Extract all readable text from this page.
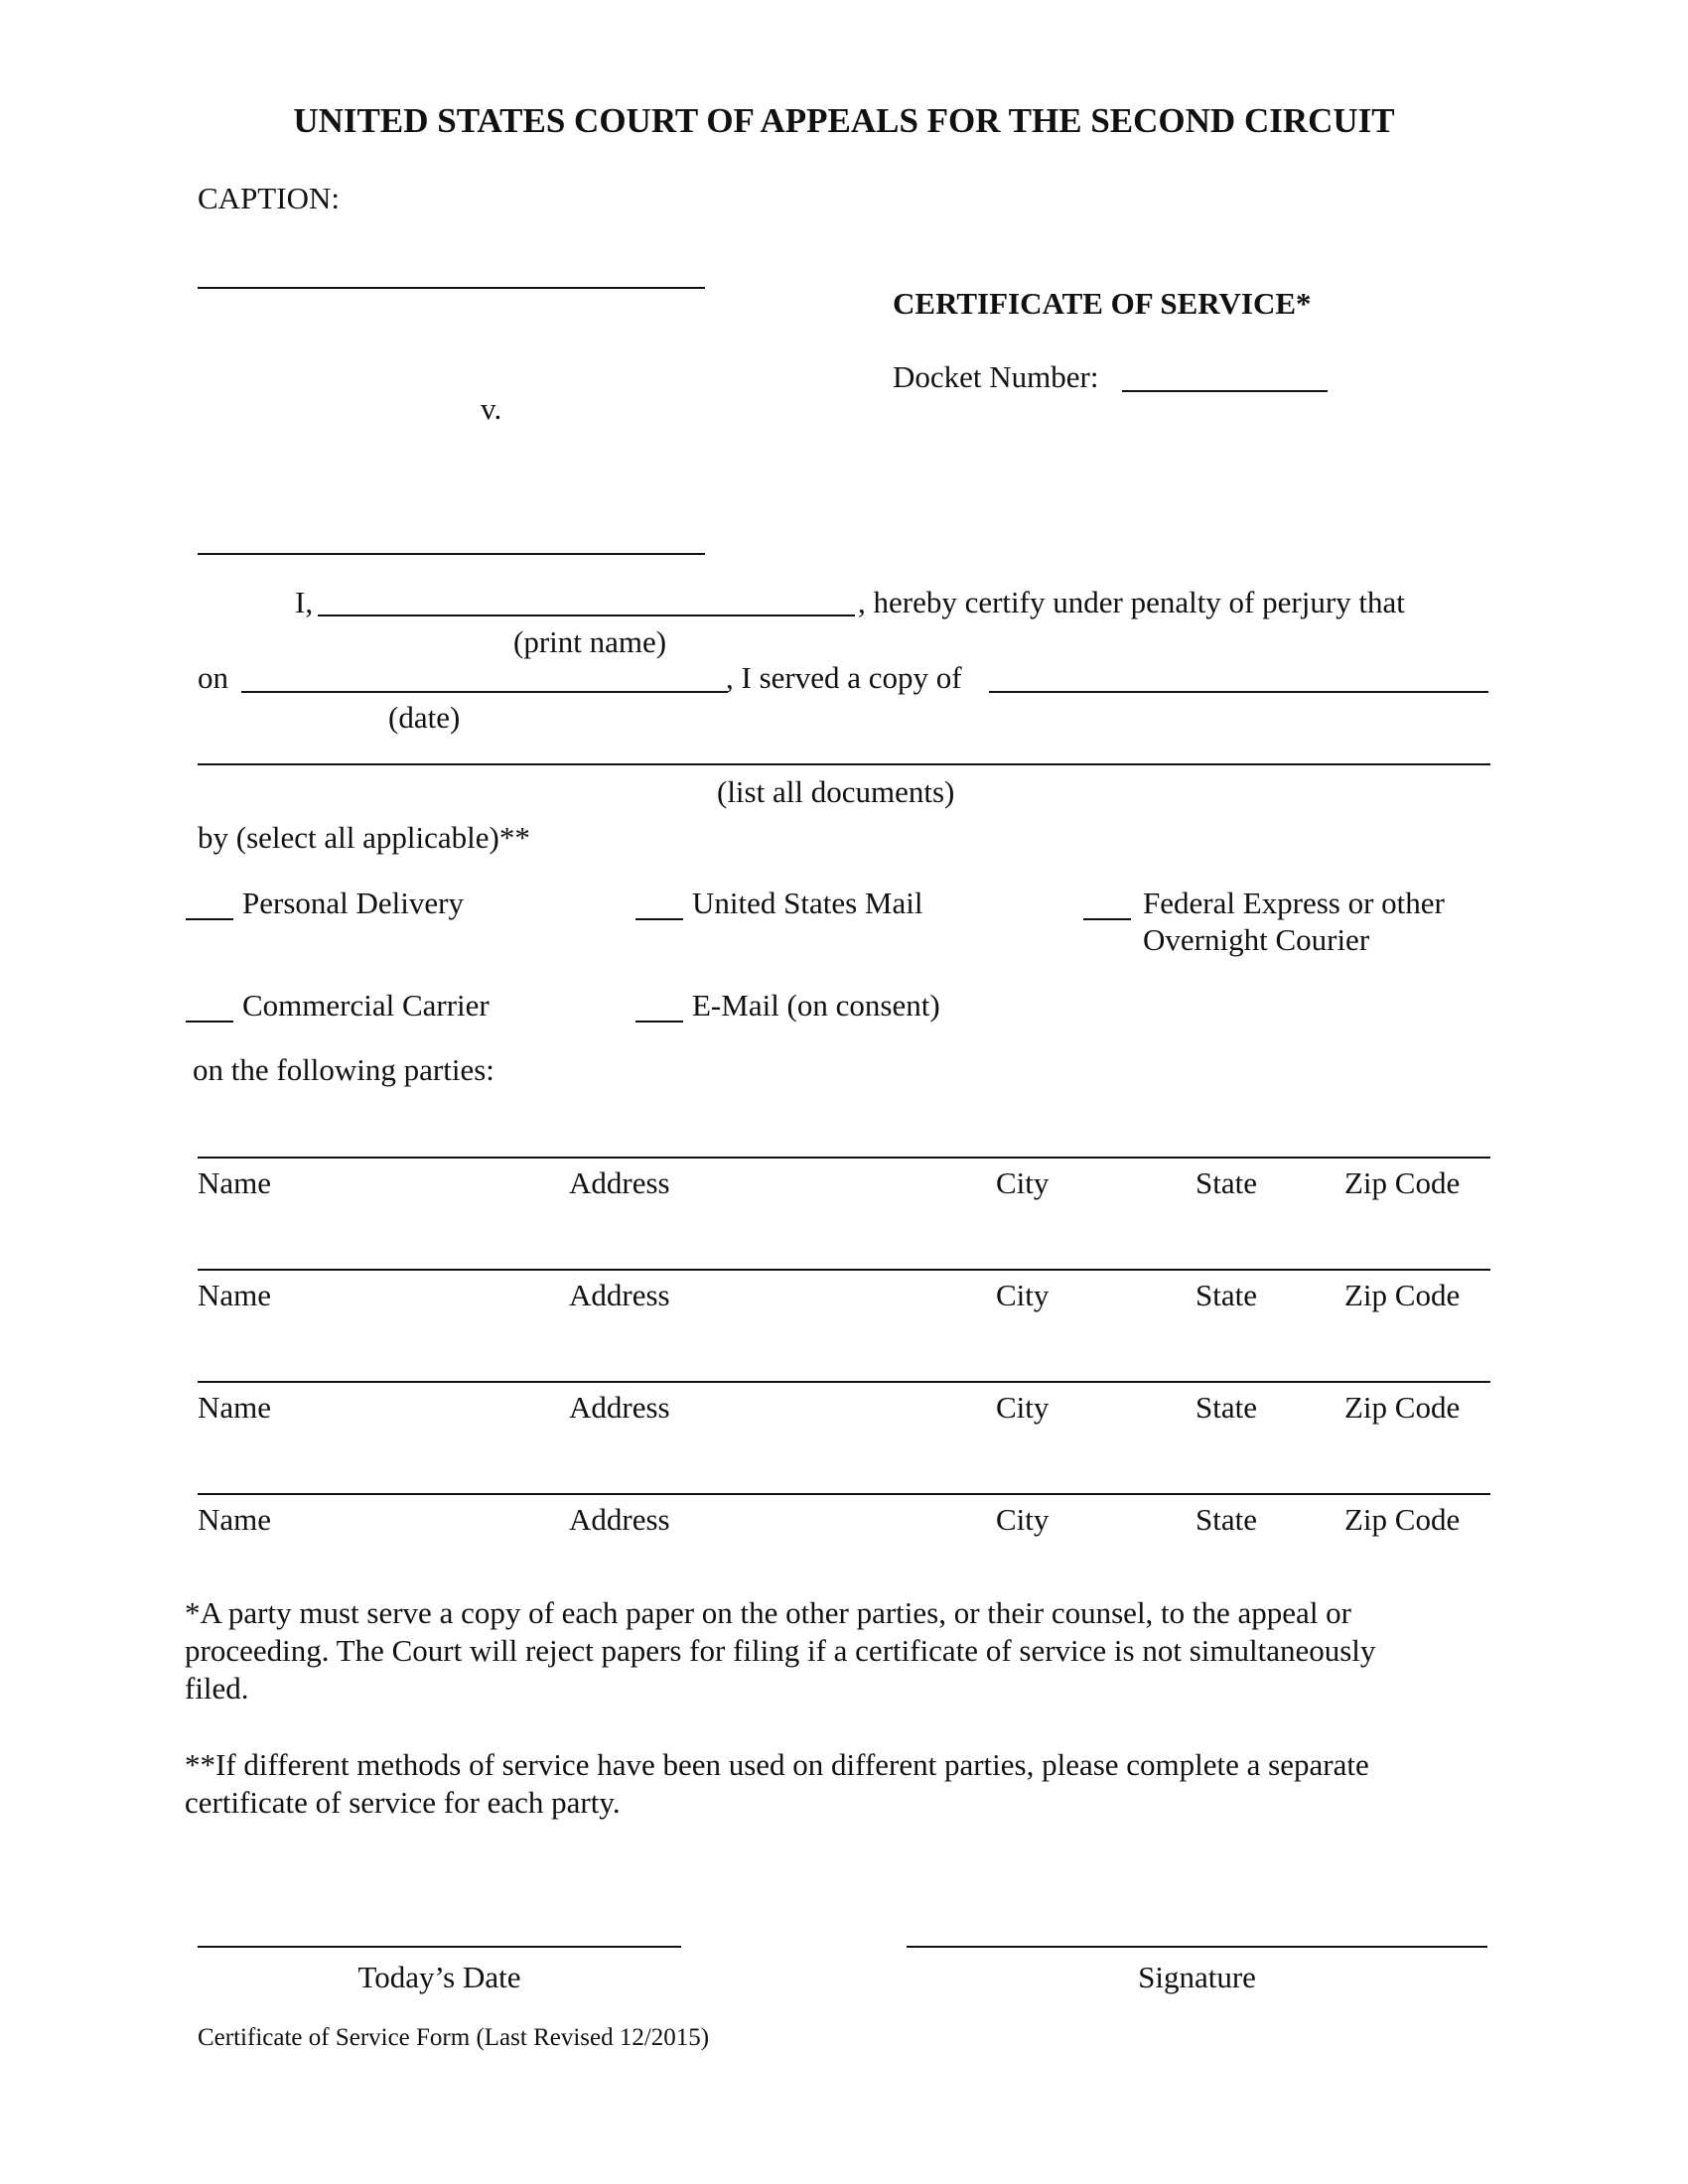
UNITED STATES COURT OF APPEALS FOR THE SECOND CIRCUIT
CAPTION:
v.
CERTIFICATE OF SERVICE*
Docket Number:
I,	, hereby certify under penalty of perjury that
(print name)
on	, I served a copy of
(date)
(list all documents)
by (select all applicable)**
Personal Delivery	United States Mail	Federal Express or other
Overnight Courier
Commercial Carrier	E-Mail (on consent)
on the following parties:
Name	Address	City	State	Zip Code
Name	Address	City	State	Zip Code
Name	Address	City	State	Zip Code
Name	Address	City	State	Zip Code
*A party must serve a copy of each paper on the other parties, or their counsel, to the appeal or
proceeding. The Court will reject papers for filing if a certificate of service is not simultaneously
filed.
**If different methods of service have been used on different parties, please complete a separate
certificate of service for each party.
Today’s Date	Signature
Certificate of Service Form (Last Revised 12/2015)
